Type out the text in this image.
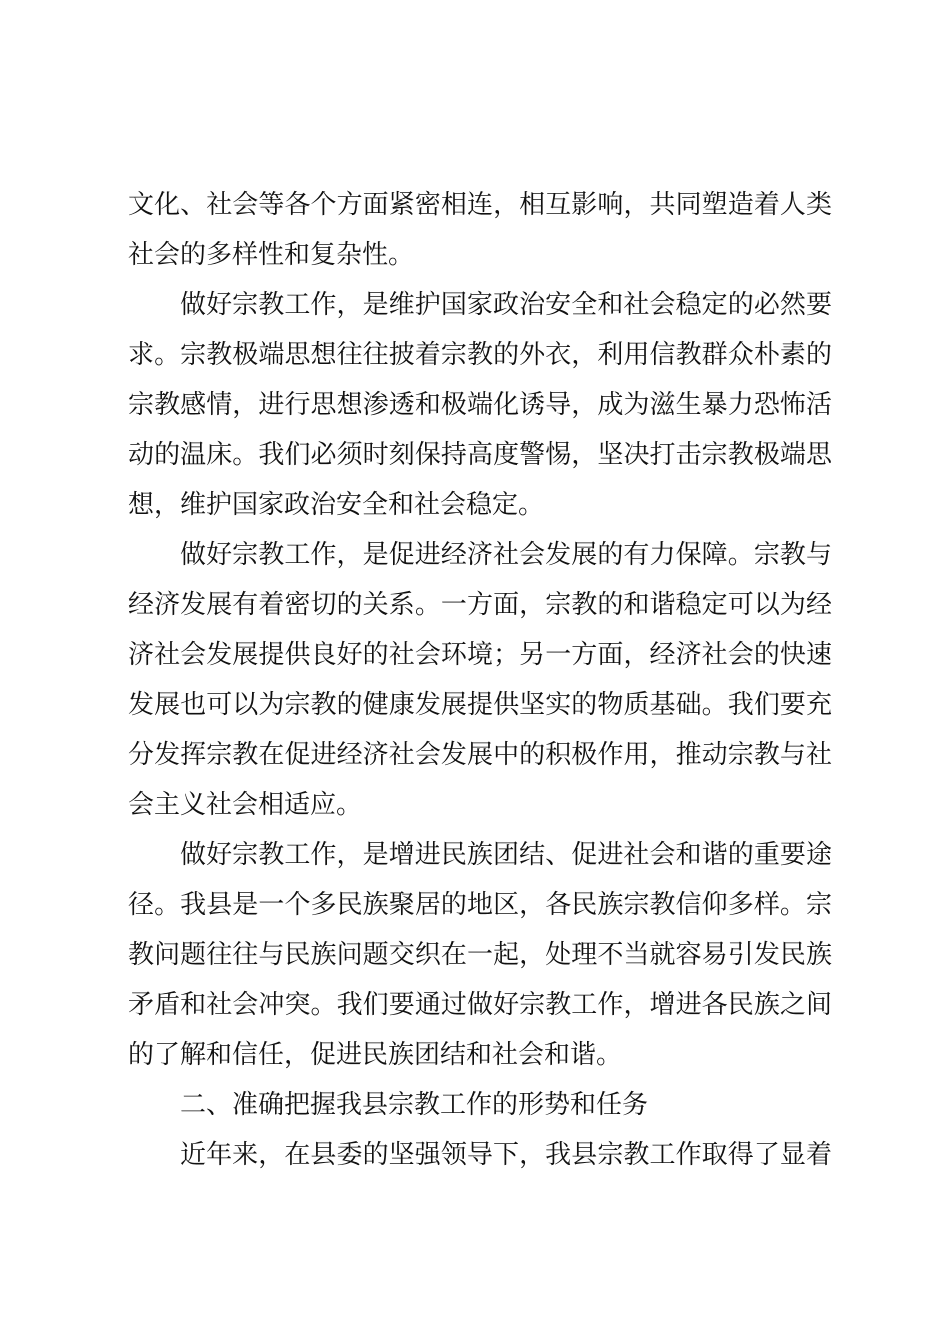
文化、社会等各个方面紧密相连，相互影响，共同塑造着人类
社会的多样性和复杂性。
做好宗教工作，是维护国家政治安全和社会稳定的必然要
求。宗教极端思想往往披着宗教的外衣，利用信教群众朴素的
宗教感情，进行思想渗透和极端化诱导，成为滋生暴力恐怖活
动的温床。我们必须时刻保持高度警惕，坚决打击宗教极端思
想，维护国家政治安全和社会稳定。
做好宗教工作，是促进经济社会发展的有力保障。宗教与
经济发展有着密切的关系。一方面，宗教的和谐稳定可以为经
济社会发展提供良好的社会环境；另一方面，经济社会的快速
发展也可以为宗教的健康发展提供坚实的物质基础。我们要充
分发挥宗教在促进经济社会发展中的积极作用，推动宗教与社
会主义社会相适应。
做好宗教工作，是增进民族团结、促进社会和谐的重要途
径。我县是一个多民族聚居的地区，各民族宗教信仰多样。宗
教问题往往与民族问题交织在一起，处理不当就容易引发民族
矛盾和社会冲突。我们要通过做好宗教工作，增进各民族之间
的了解和信任，促进民族团结和社会和谐。
二、准确把握我县宗教工作的形势和任务
近年来，在县委的坚强领导下，我县宗教工作取得了显着
